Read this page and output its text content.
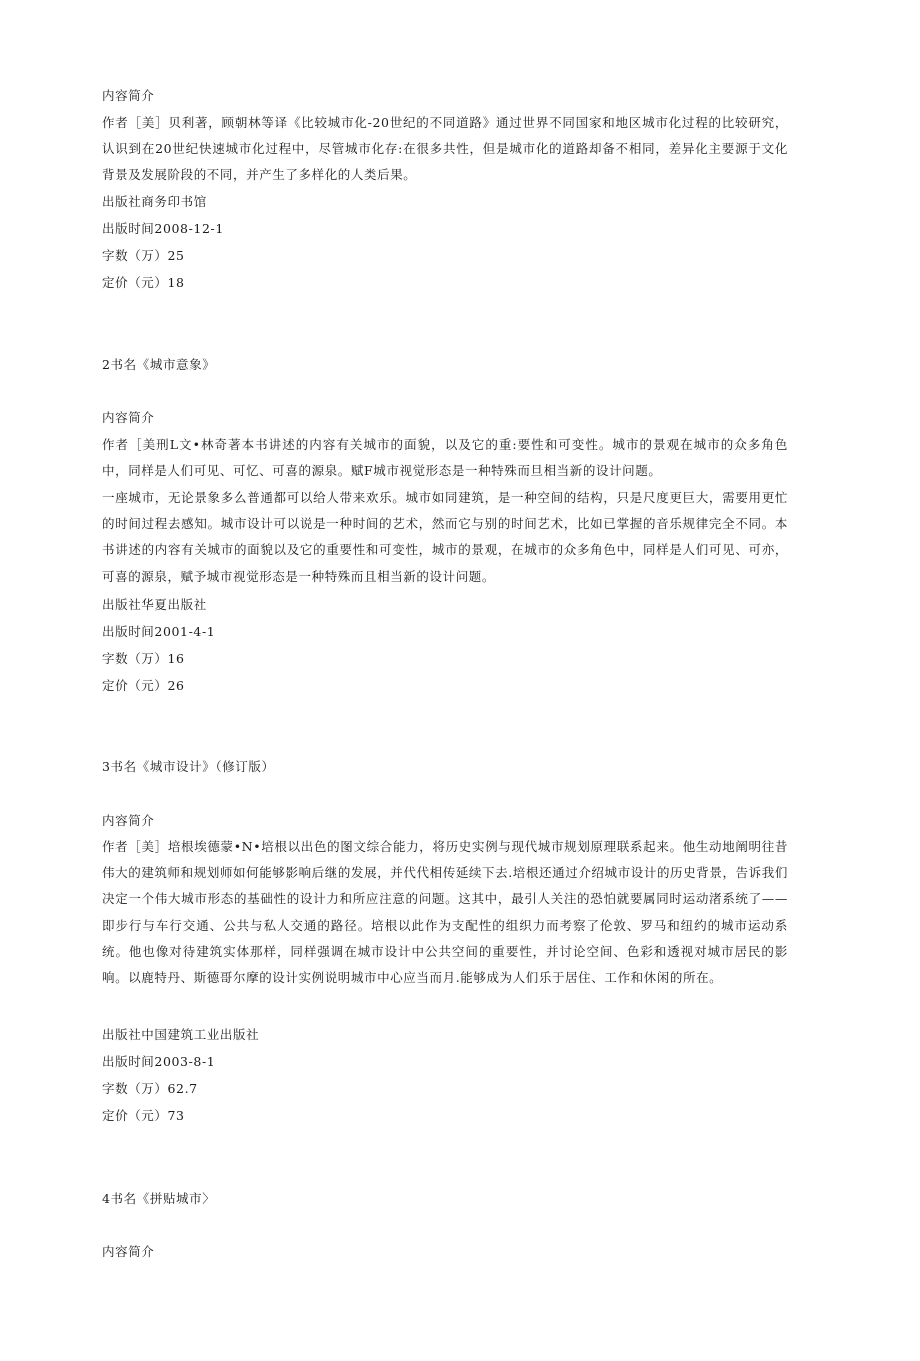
内容简介
作者［美］贝利著，顾朝林等译《比较城市化-20世纪的不同道路》通过世界不同国家和地区城市化过程的比较研究，认识到在20世纪快速城市化过程中，尽管城市化存:在很多共性，但是城市化的道路却备不相同，差异化主要源于文化背景及发展阶段的不同，并产生了多样化的人类后果。
出版社商务印书馆
出版时间2008-12-1
字数（万）25
定价（元）18
2书名《城市意象》
内容简介
作者［美刑L文•林奇著本书讲述的内容有关城市的面貌，以及它的重:要性和可变性。城市的景观在城市的众多角色中，同样是人们可见、可忆、可喜的源泉。赋F城市视觉形态是一种特殊而旦相当新的设计问题。
一座城市，无论景象多么普通都可以给人带来欢乐。城市如同建筑，是一种空间的结构，只是尺度更巨大，需要用更忙的时间过程去感知。城市设计可以说是一种时间的艺术，然而它与别的时间艺术，比如已掌握的音乐规律完全不同。本书讲述的内容有关城市的面貌以及它的重要性和可变性，城市的景观，在城市的众多角色中，同样是人们可见、可亦，可喜的源泉，赋予城市视觉形态是一种特殊而且相当新的设计问题。
出版社华夏出版社
出版时间2001-4-1
字数（万）16
定价（元）26
3书名《城市设计》（修订版）
内容简介
作者［美］培根埃德蒙•N•培根以出色的图文综合能力，将历史实例与现代城市规划原理联系起来。他生动地阐明往昔伟大的建筑师和规划师如何能够影响后继的发展，并代代相传延续下去.培根还通过介绍城市设计的历史背景，告诉我们决定一个伟大城市形态的基础性的设计力和所应注意的问题。这其中，最引人关注的恐怕就要属同时运动渚系统了——即步行与车行交通、公共与私人交通的路径。培根以此作为支配性的组织力而考察了伦敦、罗马和纽约的城市运动系统。他也像对待建筑实体那样，同样强调在城市设计中公共空间的重要性，并讨论空间、色彩和透视对城市居民的影响。以鹿特丹、斯德哥尔摩的设计实例说明城市中心应当而月.能够成为人们乐于居住、工作和休闲的所在。
出版社中国建筑工业出版社
出版时间2003-8-1
字数（万）62.7
定价（元）73
4书名《拼贴城市〉
内容简介
